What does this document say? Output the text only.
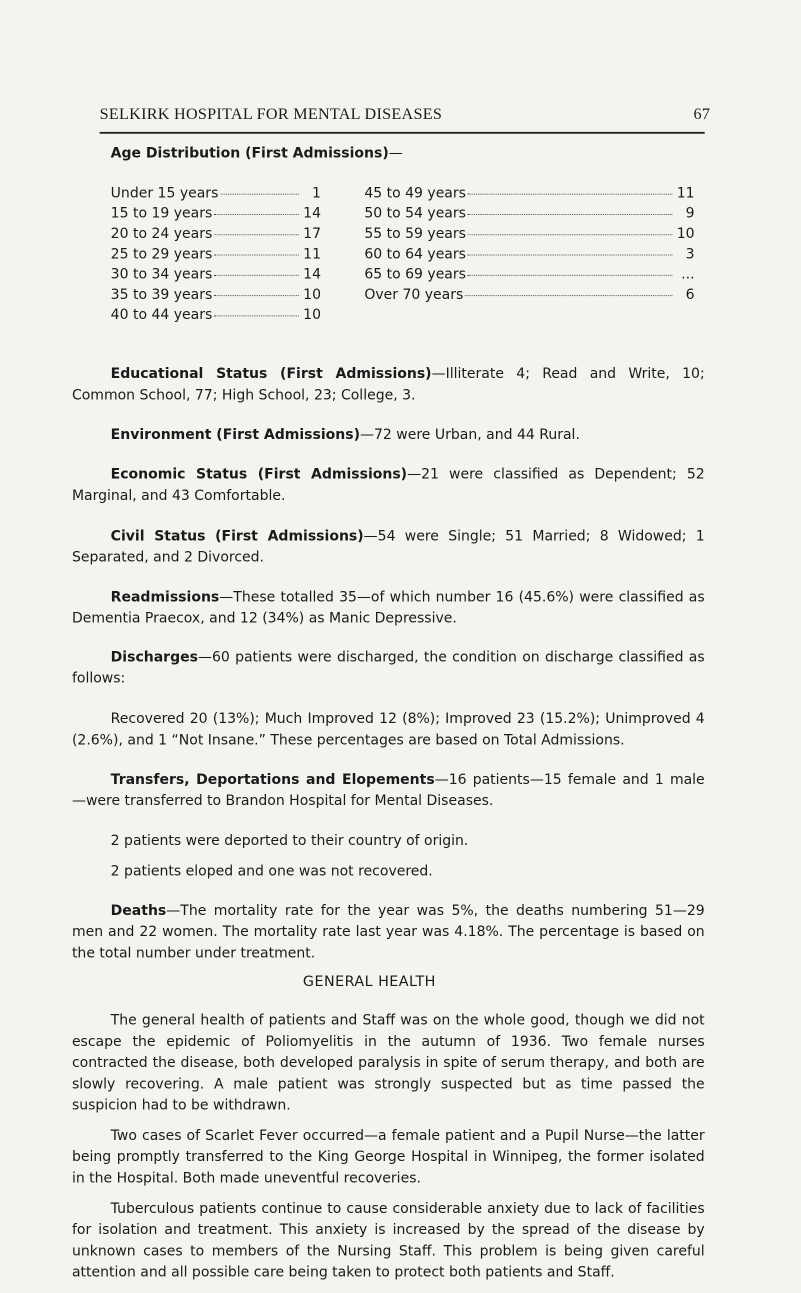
SELKIRK HOSPITAL FOR MENTAL DISEASES	67
Age Distribution (First Admissions)—
Under 15 years	1
15 to 19 years	14
20 to 24 years	17
25 to 29 years	11
30 to 34 years	14
35 to 39 years	10
40 to 44 years	10
45 to 49 years	11
50 to 54 years	9
55 to 59 years	10
60 to 64 years	3
65 to 69 years	...
Over 70 years	6
Educational Status (First Admissions)—Illiterate 4; Read and Write, 10; Common School, 77; High School, 23; College, 3.
Environment (First Admissions)—72 were Urban, and 44 Rural.
Economic Status (First Admissions)—21 were classified as Dependent; 52 Marginal, and 43 Comfortable.
Civil Status (First Admissions)—54 were Single; 51 Married; 8 Widowed; 1 Separated, and 2 Divorced.
Readmissions—These totalled 35—of which number 16 (45.6%) were classified as Dementia Praecox, and 12 (34%) as Manic Depressive.
Discharges—60 patients were discharged, the condition on discharge classified as follows:
Recovered 20 (13%); Much Improved 12 (8%); Improved 23 (15.2%); Unimproved 4 (2.6%), and 1 “Not Insane.” These percentages are based on Total Admissions.
Transfers, Deportations and Elopements—16 patients—15 female and 1 male—were transferred to Brandon Hospital for Mental Diseases.
2 patients were deported to their country of origin.
2 patients eloped and one was not recovered.
Deaths—The mortality rate for the year was 5%, the deaths numbering 51—29 men and 22 women. The mortality rate last year was 4.18%. The percentage is based on the total number under treatment.
GENERAL HEALTH
The general health of patients and Staff was on the whole good, though we did not escape the epidemic of Poliomyelitis in the autumn of 1936. Two female nurses contracted the disease, both developed paralysis in spite of serum therapy, and both are slowly recovering. A male patient was strongly suspected but as time passed the suspicion had to be withdrawn.
Two cases of Scarlet Fever occurred—a female patient and a Pupil Nurse—the latter being promptly transferred to the King George Hospital in Winnipeg, the former isolated in the Hospital. Both made uneventful recoveries.
Tuberculous patients continue to cause considerable anxiety due to lack of facilities for isolation and treatment. This anxiety is increased by the spread of the disease by unknown cases to members of the Nursing Staff. This problem is being given careful attention and all possible care being taken to protect both patients and Staff.
